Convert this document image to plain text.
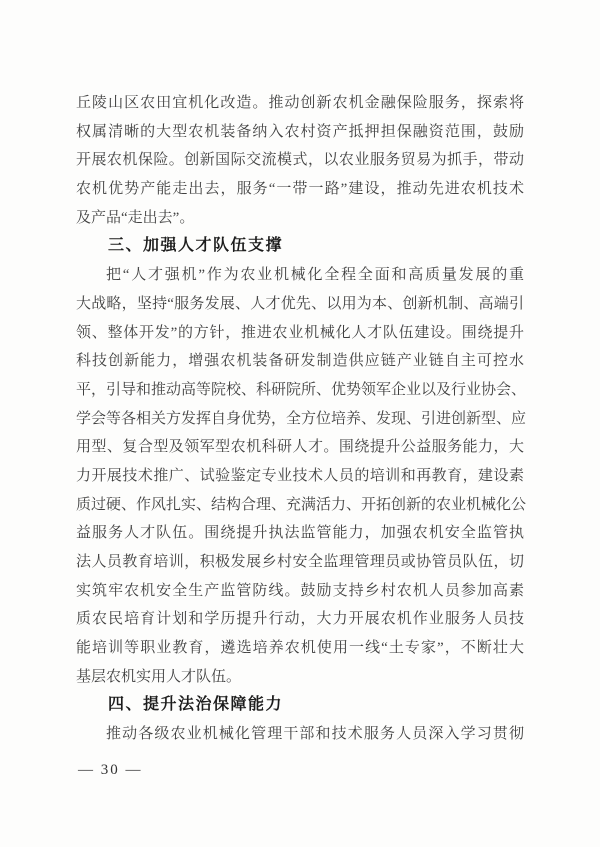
丘陵山区农田宜机化改造。推动创新农机金融保险服务，探索将
权属清晰的大型农机装备纳入农村资产抵押担保融资范围，鼓励
开展农机保险。创新国际交流模式，以农业服务贸易为抓手，带动
农机优势产能走出去，服务“一带一路”建设，推动先进农机技术
及产品“走出去”。
三、加强人才队伍支撑
把“人才强机”作为农业机械化全程全面和高质量发展的重
大战略，坚持“服务发展、人才优先、以用为本、创新机制、高端引
领、整体开发”的方针，推进农业机械化人才队伍建设。围绕提升
科技创新能力，增强农机装备研发制造供应链产业链自主可控水
平，引导和推动高等院校、科研院所、优势领军企业以及行业协会、
学会等各相关方发挥自身优势，全方位培养、发现、引进创新型、应
用型、复合型及领军型农机科研人才。围绕提升公益服务能力，大
力开展技术推广、试验鉴定专业技术人员的培训和再教育，建设素
质过硬、作风扎实、结构合理、充满活力、开拓创新的农业机械化公
益服务人才队伍。围绕提升执法监管能力，加强农机安全监管执
法人员教育培训，积极发展乡村安全监理管理员或协管员队伍，切
实筑牢农机安全生产监管防线。鼓励支持乡村农机人员参加高素
质农民培育计划和学历提升行动，大力开展农机作业服务人员技
能培训等职业教育，遴选培养农机使用一线“土专家”，不断壮大
基层农机实用人才队伍。
四、提升法治保障能力
推动各级农业机械化管理干部和技术服务人员深入学习贯彻
— 30 —
